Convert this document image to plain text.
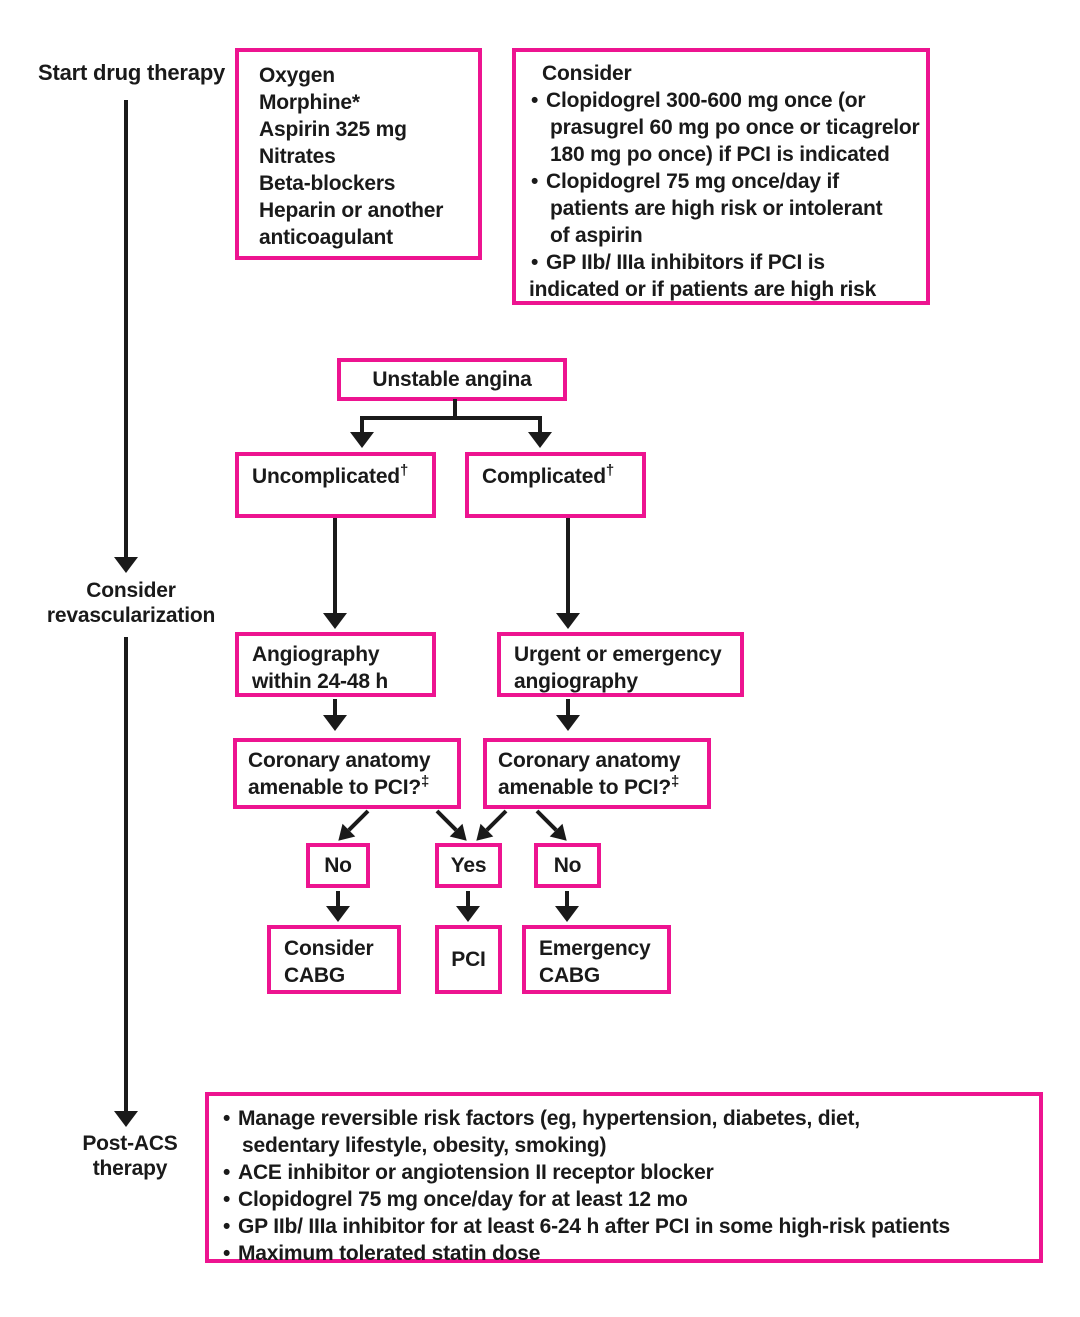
Start drug therapy
Consider
revascularization
Post-ACS
therapy
Oxygen
Morphine*
Aspirin 325 mg
Nitrates
Beta-blockers
Heparin or another anticoagulant
Consider
• Clopidogrel 300-600 mg once (or
prasugrel 60 mg po once or ticagrelor
180 mg po once) if PCI is indicated
• Clopidogrel 75 mg once/day if
patients are high risk or intolerant
of aspirin
• GP IIb/ IIIa inhibitors if PCI is
indicated or if patients are high risk
Unstable angina
Uncomplicated†	Complicated†
Angiography
within 24-48 h
Urgent or emergency
angiography
Coronary anatomy
amenable to PCI?‡
Coronary anatomy
amenable to PCI?‡
No	Yes	No
Consider
CABG
PCI	Emergency
CABG
• Manage reversible risk factors (eg, hypertension, diabetes, diet,
sedentary lifestyle, obesity, smoking)
• ACE inhibitor or angiotension II receptor blocker
• Clopidogrel 75 mg once/day for at least 12 mo
• GP IIb/ IIIa inhibitor for at least 6-24 h after PCI in some high-risk patients
• Maximum tolerated statin dose
